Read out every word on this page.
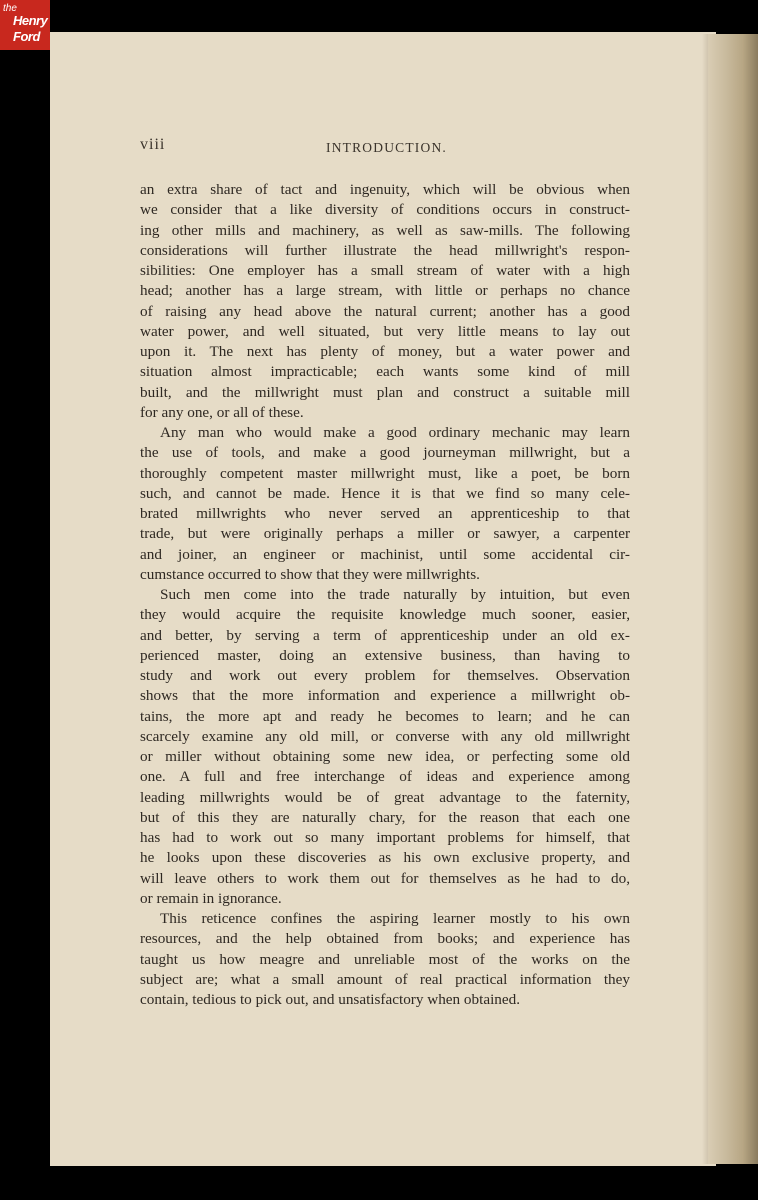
the
Henry
Ford
viii	INTRODUCTION.
an extra share of tact and ingenuity, which will be obvious when
we consider that a like diversity of conditions occurs in construct-
ing other mills and machinery, as well as saw-mills. The following
considerations will further illustrate the head millwright's respon-
sibilities: One employer has a small stream of water with a high
head; another has a large stream, with little or perhaps no chance
of raising any head above the natural current; another has a good
water power, and well situated, but very little means to lay out
upon it. The next has plenty of money, but a water power and
situation almost impracticable; each wants some kind of mill
built, and the millwright must plan and construct a suitable mill
for any one, or all of these.
Any man who would make a good ordinary mechanic may learn
the use of tools, and make a good journeyman millwright, but a
thoroughly competent master millwright must, like a poet, be born
such, and cannot be made. Hence it is that we find so many cele-
brated millwrights who never served an apprenticeship to that
trade, but were originally perhaps a miller or sawyer, a carpenter
and joiner, an engineer or machinist, until some accidental cir-
cumstance occurred to show that they were millwrights.
Such men come into the trade naturally by intuition, but even
they would acquire the requisite knowledge much sooner, easier,
and better, by serving a term of apprenticeship under an old ex-
perienced master, doing an extensive business, than having to
study and work out every problem for themselves. Observation
shows that the more information and experience a millwright ob-
tains, the more apt and ready he becomes to learn; and he can
scarcely examine any old mill, or converse with any old millwright
or miller without obtaining some new idea, or perfecting some old
one. A full and free interchange of ideas and experience among
leading millwrights would be of great advantage to the faternity,
but of this they are naturally chary, for the reason that each one
has had to work out so many important problems for himself, that
he looks upon these discoveries as his own exclusive property, and
will leave others to work them out for themselves as he had to do,
or remain in ignorance.
This reticence confines the aspiring learner mostly to his own
resources, and the help obtained from books; and experience has
taught us how meagre and unreliable most of the works on the
subject are; what a small amount of real practical information they
contain, tedious to pick out, and unsatisfactory when obtained.
